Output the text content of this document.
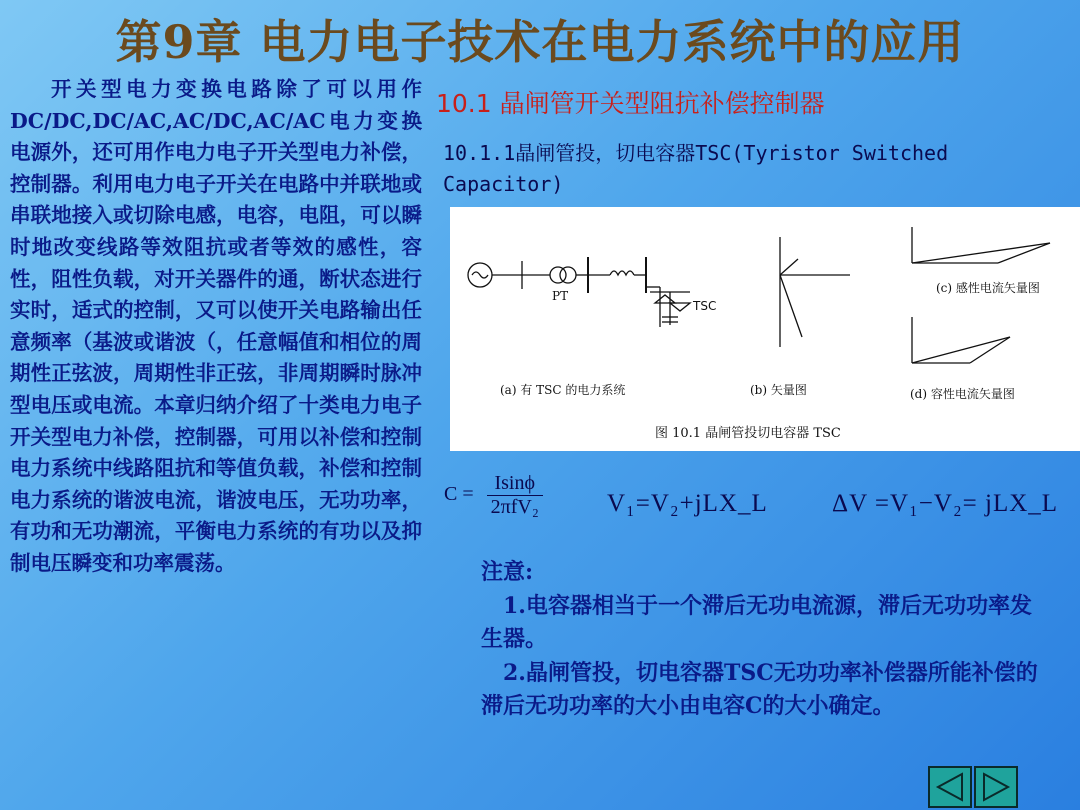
第9章 电力电子技术在电力系统中的应用
开关型电力变换电路除了可以用作DC/DC,DC/AC,AC/DC,AC/AC电力变换电源外，还可用作电力电子开关型电力补偿，控制器。利用电力电子开关在电路中并联地或串联地接入或切除电感，电容，电阻，可以瞬时地改变线路等效阻抗或者等效的感性，容性，阻性负载，对开关器件的通，断状态进行实时，适式的控制，又可以使开关电路输出任意频率（基波或谐波（，任意幅值和相位的周期性正弦波，周期性非正弦，非周期瞬时脉冲型电压或电流。本章归纳介绍了十类电力电子开关型电力补偿，控制器，可用以补偿和控制电力系统中线路阻抗和等值负载，补偿和控制电力系统的谐波电流，谐波电压，无功功率，有功和无功潮流，平衡电力系统的有功以及抑制电压瞬变和功率震荡。
10.1 晶闸管开关型阻抗补偿控制器
10.1.1晶闸管投，切电容器TSC(Tyristor Switched Capacitor)
PT
TSC
(a) 有 TSC 的电力系统	(b) 矢量图
(c) 感性电流矢量图
(d) 容性电流矢量图
图 10.1 晶闸管投切电容器 TSC
$C = \frac{Isin\phi}{\text{2πfV₂}}$	V₁=V₂+jLX_L	ΔV =V₁−V₂= jLX_L

注意:

1.电容器相当于一个滞后无功电流源，滞后无功功率发生器。

2.晶闸管投，切电容器TSC无功功率补偿器所能补偿的滞后无功功率的大小由电容C的大小确定。
